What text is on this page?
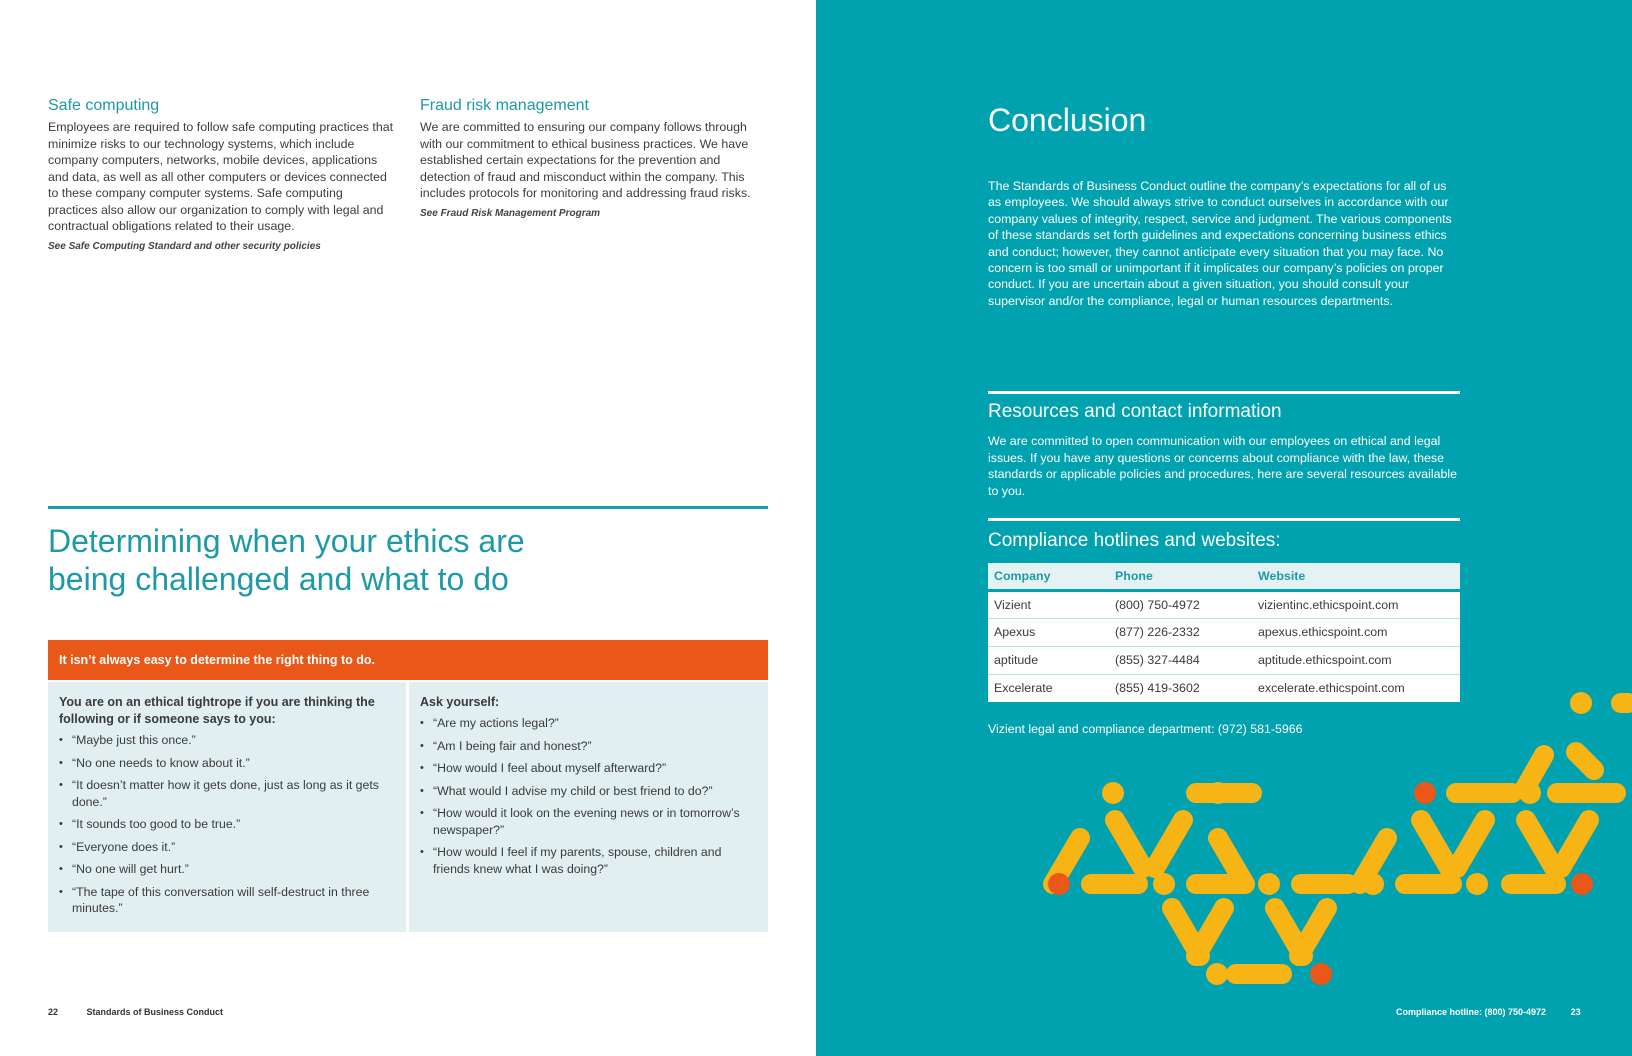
Safe computing

Employees are required to follow safe computing practices that minimize risks to our technology systems, which include company computers, networks, mobile devices, applications and data, as well as all other computers or devices connected to these company computer systems. Safe computing practices also allow our organization to comply with legal and contractual obligations related to their usage.

See Safe Computing Standard and other security policies

Fraud risk management

We are committed to ensuring our company follows through with our commitment to ethical business practices. We have established certain expectations for the prevention and detection of fraud and misconduct within the company. This includes protocols for monitoring and addressing fraud risks.

See Fraud Risk Management Program

Determining when your ethics are being challenged and what to do
It isn’t always easy to determine the right thing to do.

You are on an ethical tightrope if you are thinking the following or if someone says to you:

• “Maybe just this once.”
• “No one needs to know about it.”
• “It doesn’t matter how it gets done, just as long as it gets done.”
• “It sounds too good to be true.”
• “Everyone does it.”
• “No one will get hurt.”
• “The tape of this conversation will self-destruct in three minutes.”

Ask yourself:

• “Are my actions legal?”
• “Am I being fair and honest?”
• “How would I feel about myself afterward?”
• “What would I advise my child or best friend to do?”
• “How would it look on the evening news or in tomorrow’s newspaper?”
• “How would I feel if my parents, spouse, children and friends knew what I was doing?”
22	Standards of Business Conduct
Conclusion

The Standards of Business Conduct outline the company’s expectations for all of us as employees. We should always strive to conduct ourselves in accordance with our company values of integrity, respect, service and judgment. The various components of these standards set forth guidelines and expectations concerning business ethics and conduct; however, they cannot anticipate every situation that you may face. No concern is too small or unimportant if it implicates our company’s policies on proper conduct. If you are uncertain about a given situation, you should consult your supervisor and/or the compliance, legal or human resources departments.

Resources and contact information

We are committed to open communication with our employees on ethical and legal issues. If you have any questions or concerns about compliance with the law, these standards or applicable policies and procedures, here are several resources available to you.

Compliance hotlines and websites:
Company	Phone	Website
Vizient	(800) 750-4972	vizientinc.ethicspoint.com
Apexus	(877) 226-2332	apexus.ethicspoint.com
aptitude	(855) 327-4484	aptitude.ethicspoint.com
Excelerate	(855) 419-3602	excelerate.ethicspoint.com

Vizient legal and compliance department: (972) 581-5966

Compliance hotline: (800) 750-4972	23
